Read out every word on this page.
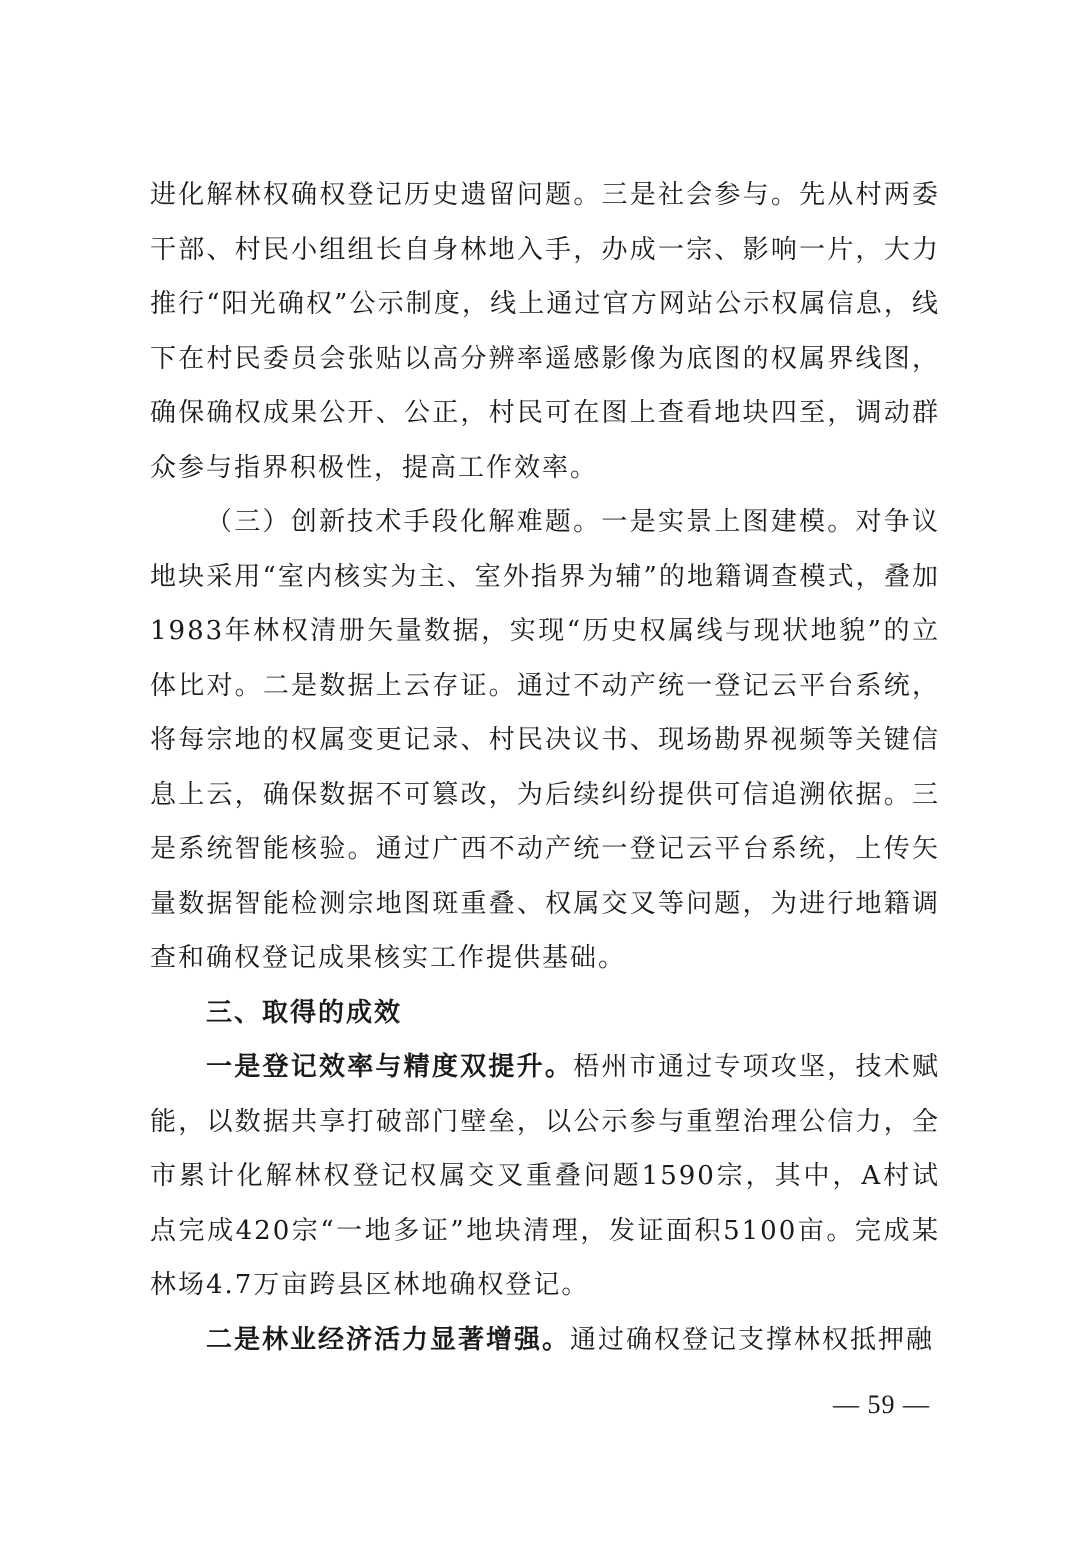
进化解林权确权登记历史遗留问题。三是社会参与。先从村两委干部、村民小组组长自身林地入手，办成一宗、影响一片，大力推行“阳光确权”公示制度，线上通过官方网站公示权属信息，线下在村民委员会张贴以高分辨率遥感影像为底图的权属界线图，确保确权成果公开、公正，村民可在图上查看地块四至，调动群众参与指界积极性，提高工作效率。

（三）创新技术手段化解难题。一是实景上图建模。对争议地块采用“室内核实为主、室外指界为辅”的地籍调查模式，叠加1983年林权清册矢量数据，实现“历史权属线与现状地貌”的立体比对。二是数据上云存证。通过不动产统一登记云平台系统，将每宗地的权属变更记录、村民决议书、现场勘界视频等关键信息上云，确保数据不可篡改，为后续纠纷提供可信追溯依据。三是系统智能核验。通过广西不动产统一登记云平台系统，上传矢量数据智能检测宗地图斑重叠、权属交叉等问题，为进行地籍调查和确权登记成果核实工作提供基础。

三、取得的成效

一是登记效率与精度双提升。梧州市通过专项攻坚，技术赋能，以数据共享打破部门壁垒，以公示参与重塑治理公信力，全市累计化解林权登记权属交叉重叠问题1590宗，其中，A村试点完成420宗“一地多证”地块清理，发证面积5100亩。完成某林场4.7万亩跨县区林地确权登记。

二是林业经济活力显著增强。通过确权登记支撑林权抵押融

— 59 —
